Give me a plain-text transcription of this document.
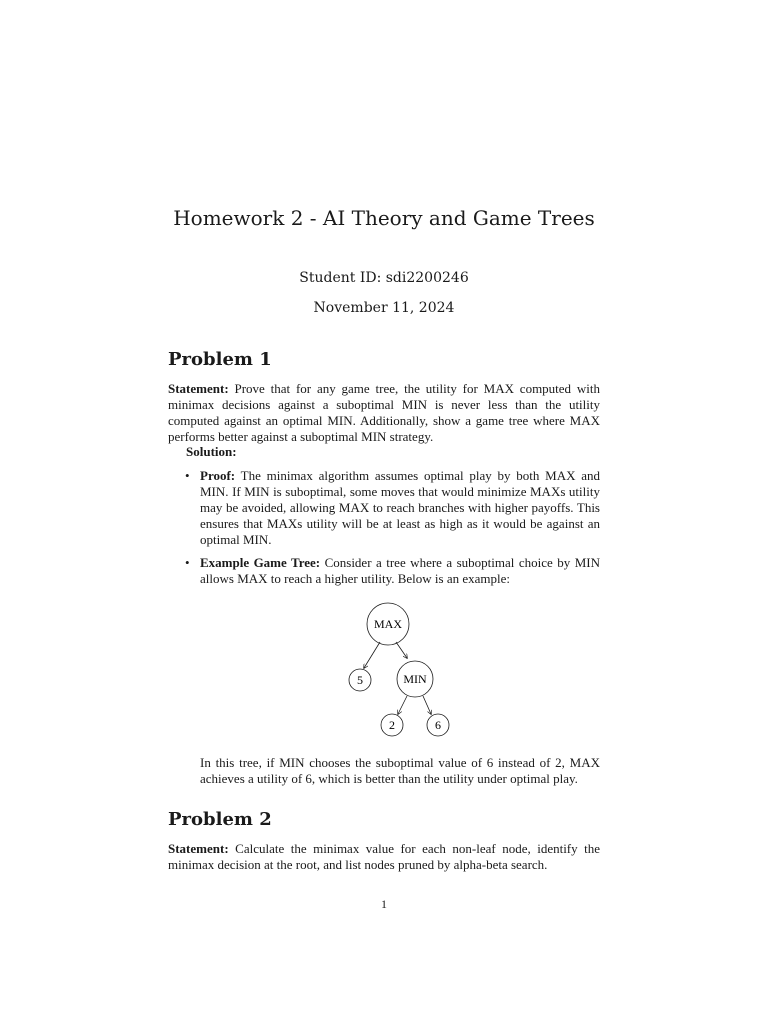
Homework 2 - AI Theory and Game Trees
Student ID: sdi2200246
November 11, 2024
Problem 1

Statement: Prove that for any game tree, the utility for MAX computed with minimax decisions against a suboptimal MIN is never less than the utility computed against an optimal MIN. Additionally, show a game tree where MAX performs better against a suboptimal MIN strategy.

Solution:
• Proof: The minimax algorithm assumes optimal play by both MAX and MIN. If MIN is suboptimal, some moves that would minimize MAXs utility may be avoided, allowing MAX to reach branches with higher payoffs. This ensures that MAXs utility will be at least as high as it would be against an optimal MIN.
• Example Game Tree: Consider a tree where a suboptimal choice by MIN allows MAX to reach a higher utility. Below is an example:
MAX
5	MIN
2	6

In this tree, if MIN chooses the suboptimal value of 6 instead of 2, MAX achieves a utility of 6, which is better than the utility under optimal play.

Problem 2

Statement: Calculate the minimax value for each non-leaf node, identify the minimax decision at the root, and list nodes pruned by alpha-beta search.

1
